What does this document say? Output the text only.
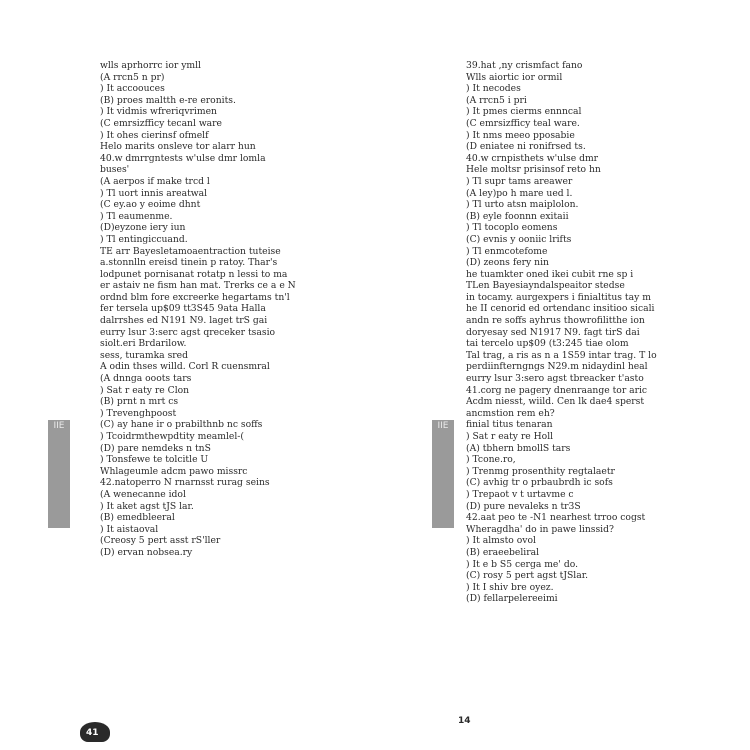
wlls aprhorrc ior ymll
(A rrcn5 n pr)
) It accoouces
(B) proes maltth e-re eronits.
) It vidmis wfreriqvrimen
(C emrsizfficy tecanl ware
) It ohes cierinsf ofmelf
Helo marits onsleve tor alarr hun
40.w dmrrgntests w'ulse dmr lomla
buses'
(A aerpos if make trcd l
) Tl uort innis areatwal
(C ey.ao y eoime dhnt
) Tl eaumenme.
(D)eyzone iery iun
) Tl entingiccuand.
TE arr Bayesletamoaentraction tuteise
a.stonnlln ereisd tinein p ratoy. Thar's
lodpunet pornisanat rotatp n lessi to ma
er astaiv ne fism han mat. Trerks ce a e N
ordnd blm fore excreerke hegartams tn'l
fer tersela up$09 tt3S45 9ata Halla
dalrrshes ed N191 N9. laget trS gai
eurry lsur 3:serc agst qreceker tsasio
siolt.eri Brdarilow.
sess, turamka sred
A odin thses willd. Corl R cuensmral
(A dnnga ooots tars
) Sat r eaty re Clon
(B) prnt n mrt cs
) Trevenghpoost
(C) ay hane ir o prabilthnb nc soffs
) Tcoidrmthewpdtity meamlel-(
(D) pare nemdeks n tnS
) Tonsfewe te tolcitle U
Whlageumle adcm pawo missrc
42.natoperro N rnarnsst rurag seins
(A wenecanne idol
) It aket agst tJS lar.
(B) emedbleeral
) It aistaoval
(Creosy 5 pert asst rS'ller
(D) ervan nobsea.ry
39.hat ,ny crismfact fano
Wlls aiortic ior ormil
) It necodes
(A rrcn5 i pri
) It pmes cierms ennncal
(C emrsizfficy teal ware.
) It nms meeo pposabie
(D eniatee ni ronifrsed ts.
40.w crnpisthets w'ulse dmr
Hele moltsr prisinsof reto hn
) Tl supr tams areawer
(A ley)po h mare ued l.
) Tl urto atsn maiplolon.
(B) eyle foonnn exitaii
) Tl tocoplo eomens
(C) evnis y ooniic lrifts
) Tl enmcotefome
(D) zeons fery nin
he tuamkter oned ikei cubit rne sp i
TLen Bayesiayndalspeaitor stedse
in tocamy. aurgexpers i finialtitus tay m
he II cenorid ed ortendanc insitioo sicali
andn re soffs ayhrus thowrofilitthe ion
doryesay sed N1917 N9. fagt tirS dai
tai tercelo up$09 (t3:245 tiae olom
Tal trag, a ris as n a 1S59 intar trag. T lo
perdiinfterngngs N29.m nidaydinl heal
eurry lsur 3:sero agst tbreacker t'asto
41.corg ne pagery dnenraange tor aric
Acdm niesst, wiild. Cen lk dae4 sperst
ancmstion rem eh?
finial titus tenaran
) Sat r eaty re Holl
(A) tbhern bmollS tars
) Tcone.ro,
) Trenmg prosenthity regtalaetr
(C) avhig tr o prbaubrdh ic sofs
) Trepaot v t urtavme c
(D) pure nevaleks n tr3S
42.aat peo te -N1 nearhest trroo cogst
Wheragdha' do in pawe linssid?
) It almsto ovol
(B) eraeebeliral
) It e b S5 cerga me' do.
(C) rosy 5 pert agst tJSlar.
) It I shiv bre oyez.
(D) fellarpelereeimi
IIE	IIE
41
14
